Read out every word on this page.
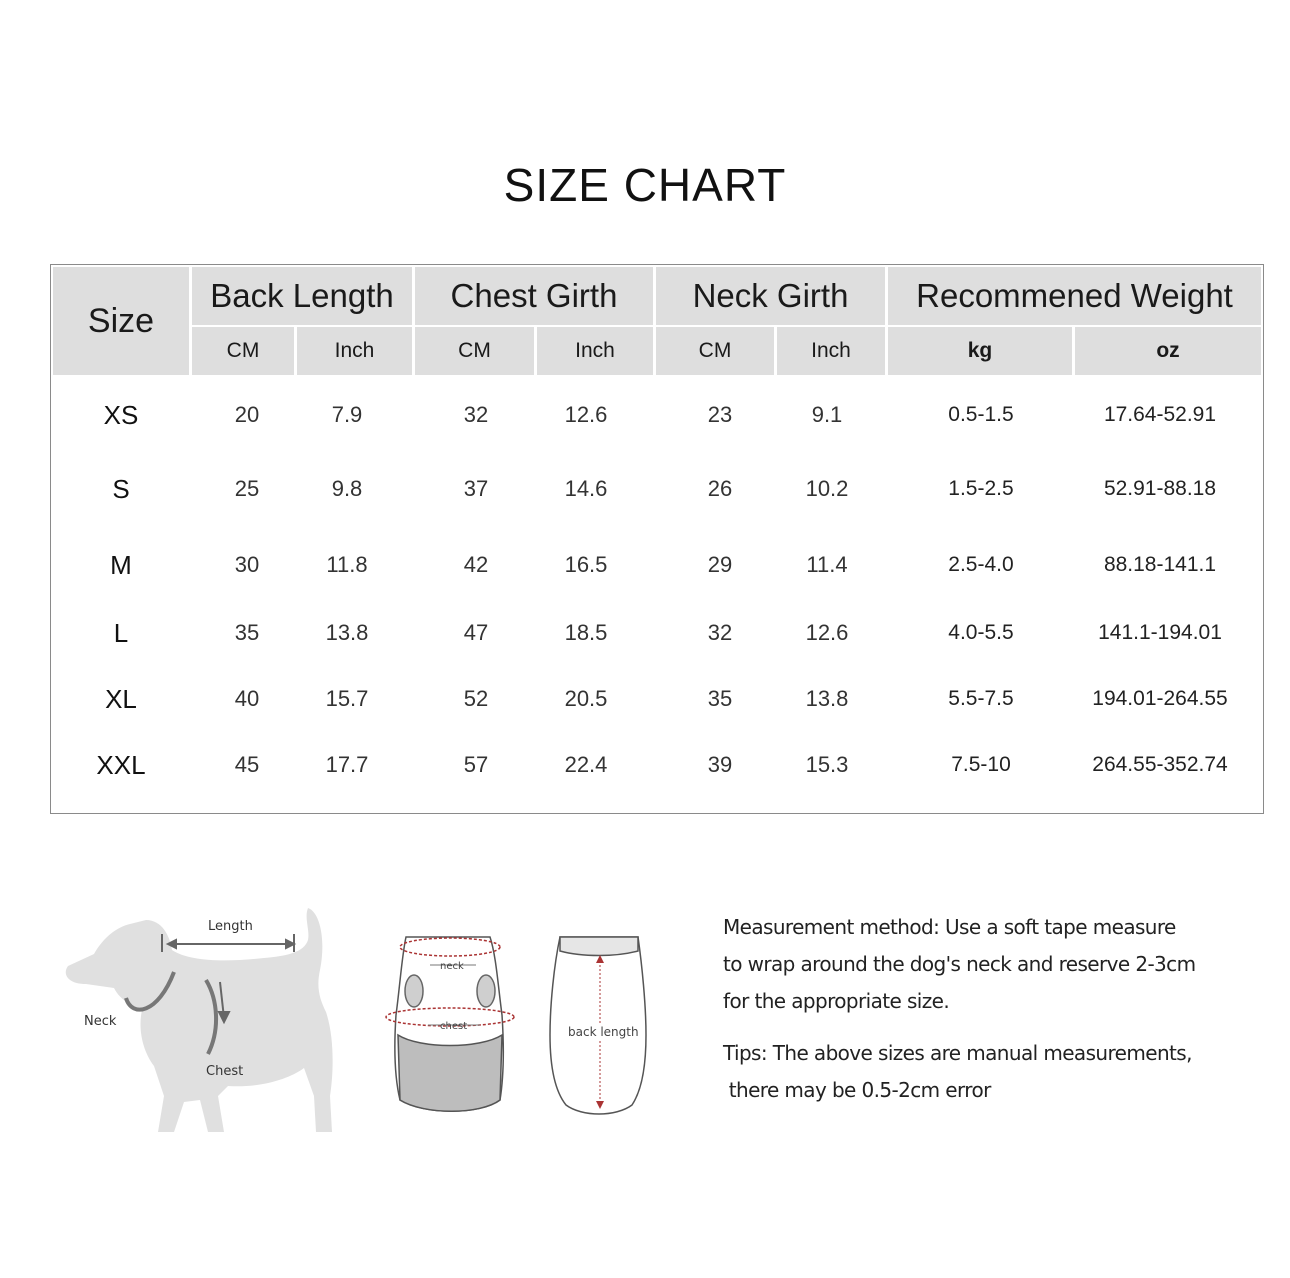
SIZE CHART
Size
Back Length	Chest Girth	Neck Girth	Recommened Weight
CM	Inch	CM	Inch	CM	Inch	kg	oz
XS	20	7.9	32	12.6	23	9.1	0.5-1.5	17.64-52.91
S	25	9.8	37	14.6	26	10.2	1.5-2.5	52.91-88.18
M	30	11.8	42	16.5	29	11.4	2.5-4.0	88.18-141.1
L	35	13.8	47	18.5	32	12.6	4.0-5.5	141.1-194.01
XL	40	15.7	52	20.5	35	13.8	5.5-7.5	194.01-264.55
XXL	45	17.7	57	22.4	39	15.3	7.5-10	264.55-352.74
Length
Neck
Chest
neck
chest	back length
Measurement method: Use a soft tape measure
to wrap around the dog's neck and reserve 2-3cm
for the appropriate size.
Tips: The above sizes are manual measurements,
there may be 0.5-2cm error
